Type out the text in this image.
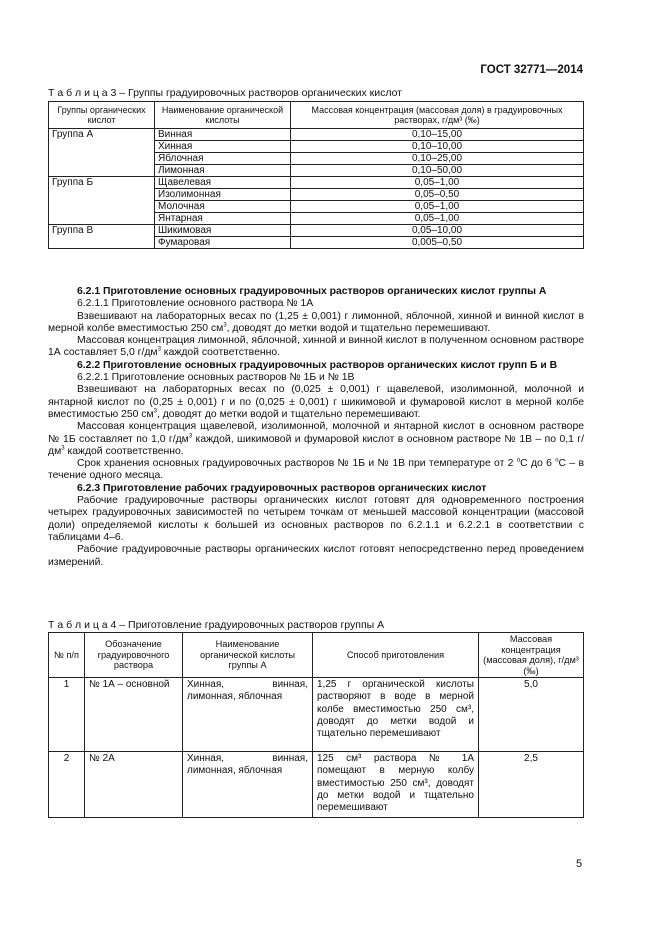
ГОСТ 32771—2014
Т а б л и ц а 3 – Группы градуировочных растворов органических кислот
Группы органических кислот	Наименование органической кислоты	Массовая концентрация (массовая доля) в градуировочных растворах, г/дм³ (‰)
Группа А	Винная	0,10–15,00
	Хинная	0,10–10,00
	Яблочная	0,10–25,00
	Лимонная	0,10–50,00
Группа Б	Щавелевая	0,05–1,00
	Изолимонная	0,05–0,50
	Молочная	0,05–1,00
	Янтарная	0,05–1,00
Группа В	Шикимовая	0,05–10,00
	Фумаровая	0,005–0,50

6.2.1 Приготовление основных градуировочных растворов органических кислот группы А

6.2.1.1 Приготовление основного раствора № 1А

Взвешивают на лабораторных весах по (1,25 ± 0,001) г лимонной, яблочной, хинной и винной кислот в мерной колбе вместимостью 250 $см^3$, доводят до метки водой и тщательно перемешивают.

Массовая концентрация лимонной, яблочной, хинной и винной кислот в полученном основном растворе 1А составляет 5,0 $г/дм^3$ каждой соответственно.

6.2.2 Приготовление основных градуировочных растворов органических кислот групп Б и В

6.2.2.1 Приготовление основных растворов № 1Б и № 1В

Взвешивают на лабораторных весах по (0,025 ± 0,001) г щавелевой, изолимонной, молочной и янтарной кислот по (0,25 ± 0,001) г и по (0,025 ± 0,001) г шикимовой и фумаровой кислот в мерной колбе вместимостью 250 $см^3$, доводят до метки водой и тщательно перемешивают.

Массовая концентрация щавелевой, изолимонной, молочной и янтарной кислот в основном растворе № 1Б составляет по 1,0 $г/дм^3$ каждой, шикимовой и фумаровой кислот в основном растворе № 1В – по 0,1 $г/дм^3$ каждой соответственно.

Срок хранения основных градуировочных растворов № 1Б и № 1В при температуре от 2 $^o$С до 6 $^o$С – в течение одного месяца.

6.2.3 Приготовление рабочих градуировочных растворов органических кислот

Рабочие градуировочные растворы органических кислот готовят для одновременного построения четырех градуировочных зависимостей по четырем точкам от меньшей массовой концентрации (массовой доли) определяемой кислоты к большей из основных растворов по 6.2.1.1 и 6.2.2.1 в соответствии с таблицами 4–6.

Рабочие градуировочные растворы органических кислот готовят непосредственно перед проведением измерений.

Т а б л и ц а 4 – Приготовление градуировочных растворов группы А
№ п/п	Обозначение градуировочного раствора	Наименование органической кислоты группы А	Способ приготовления	Массовая концентрация (массовая доля), г/дм³ (‰)
1	№ 1А – основной	Хинная, винная, лимонная, яблочная	1,25 г органической кислоты растворяют в воде в мерной колбе вместимостью 250 см³, доводят до метки водой и тщательно перемешивают	5,0
2	№ 2А	Хинная, винная, лимонная, яблочная	125 см³ раствора № 1А помещают в мерную колбу вместимостью 250 см³, доводят до метки водой и тщательно перемешивают	2,5
5
